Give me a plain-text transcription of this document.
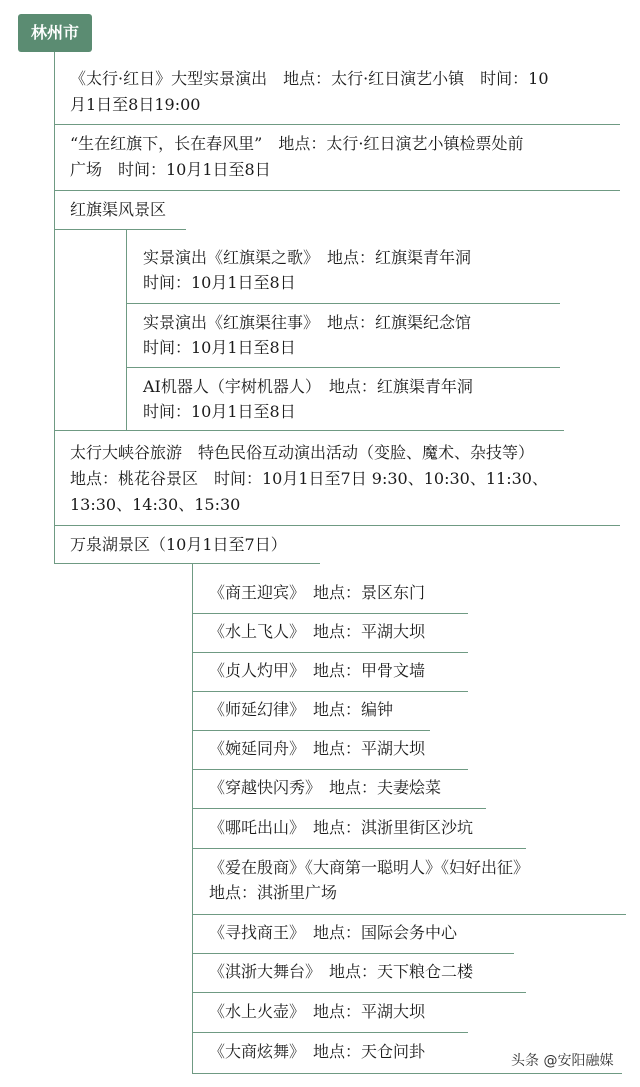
林州市
《太行·红日》大型实景演出　地点：太行·红日演艺小镇　时间：10
月1日至8日19:00
“生在红旗下，长在春风里”　地点：太行·红日演艺小镇检票处前
广场　时间：10月1日至8日
红旗渠风景区
实景演出《红旗渠之歌》　地点：红旗渠青年洞
时间：10月1日至8日
实景演出《红旗渠往事》　地点：红旗渠纪念馆
时间：10月1日至8日
AI机器人（宇树机器人）　地点：红旗渠青年洞
时间：10月1日至8日
太行大峡谷旅游　特色民俗互动演出活动（变脸、魔术、杂技等）
地点：桃花谷景区　时间：10月1日至7日 9:30、10:30、11:30、
13:30、14:30、15:30
万泉湖景区（10月1日至7日）
《商王迎宾》　地点：景区东门
《水上飞人》　地点：平湖大坝
《贞人灼甲》　地点：甲骨文墙
《师延幻律》　地点：编钟
《婉延同舟》　地点：平湖大坝
《穿越快闪秀》　地点：夫妻烩菜
《哪吒出山》　地点：淇浙里街区沙坑
《爱在殷商》《大商第一聪明人》《妇好出征》
地点：淇浙里广场
《寻找商王》　地点：国际会务中心
《淇浙大舞台》　地点：天下粮仓二楼
《水上火壶》　地点：平湖大坝
《大商炫舞》　地点：天仓问卦	头条 @安阳融媒
